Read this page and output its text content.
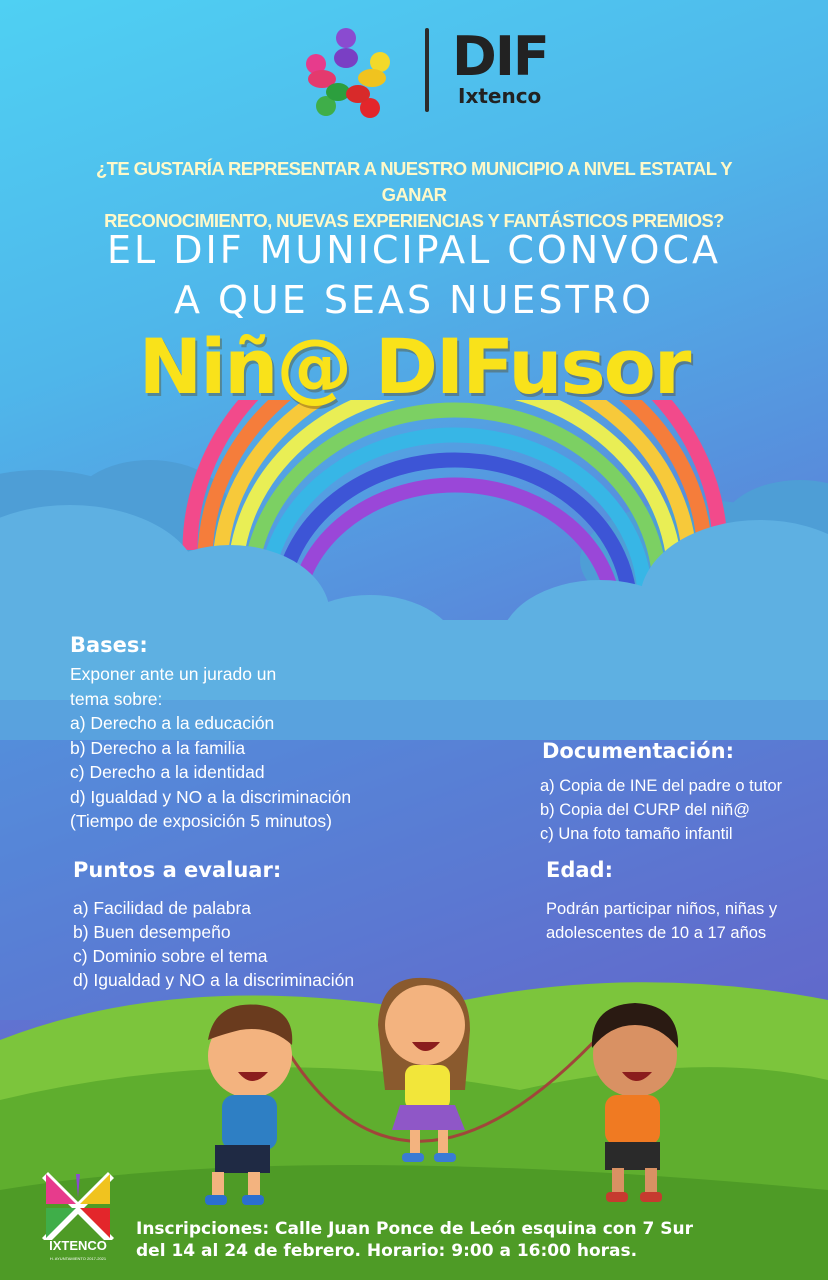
DIF
Ixtenco
¿TE GUSTARÍA REPRESENTAR A NUESTRO MUNICIPIO A NIVEL ESTATAL Y GANAR
RECONOCIMIENTO, NUEVAS EXPERIENCIAS Y FANTÁSTICOS PREMIOS?
EL DIF MUNICIPAL CONVOCA
A QUE SEAS NUESTRO
Niñ@ DIFusor
Bases:
Exponer ante un jurado un
tema sobre:
a) Derecho a la educación
b) Derecho a la familia
c) Derecho a la identidad
d) Igualdad y NO a la discriminación
(Tiempo de exposición 5 minutos)
Documentación:
a) Copia de INE del padre o tutor
b) Copia del CURP del niñ@
c) Una foto tamaño infantil
Puntos a evaluar:
a) Facilidad de palabra
b) Buen desempeño
c) Dominio sobre el tema
d) Igualdad y NO a la discriminación
Edad:
Podrán participar niños, niñas y
adolescentes de 10 a 17 años
IXTENCO
H. AYUNTAMIENTO 2017-2021
Inscripciones: Calle Juan Ponce de León esquina con 7 Sur
del 14 al 24 de febrero. Horario: 9:00 a 16:00 horas.
